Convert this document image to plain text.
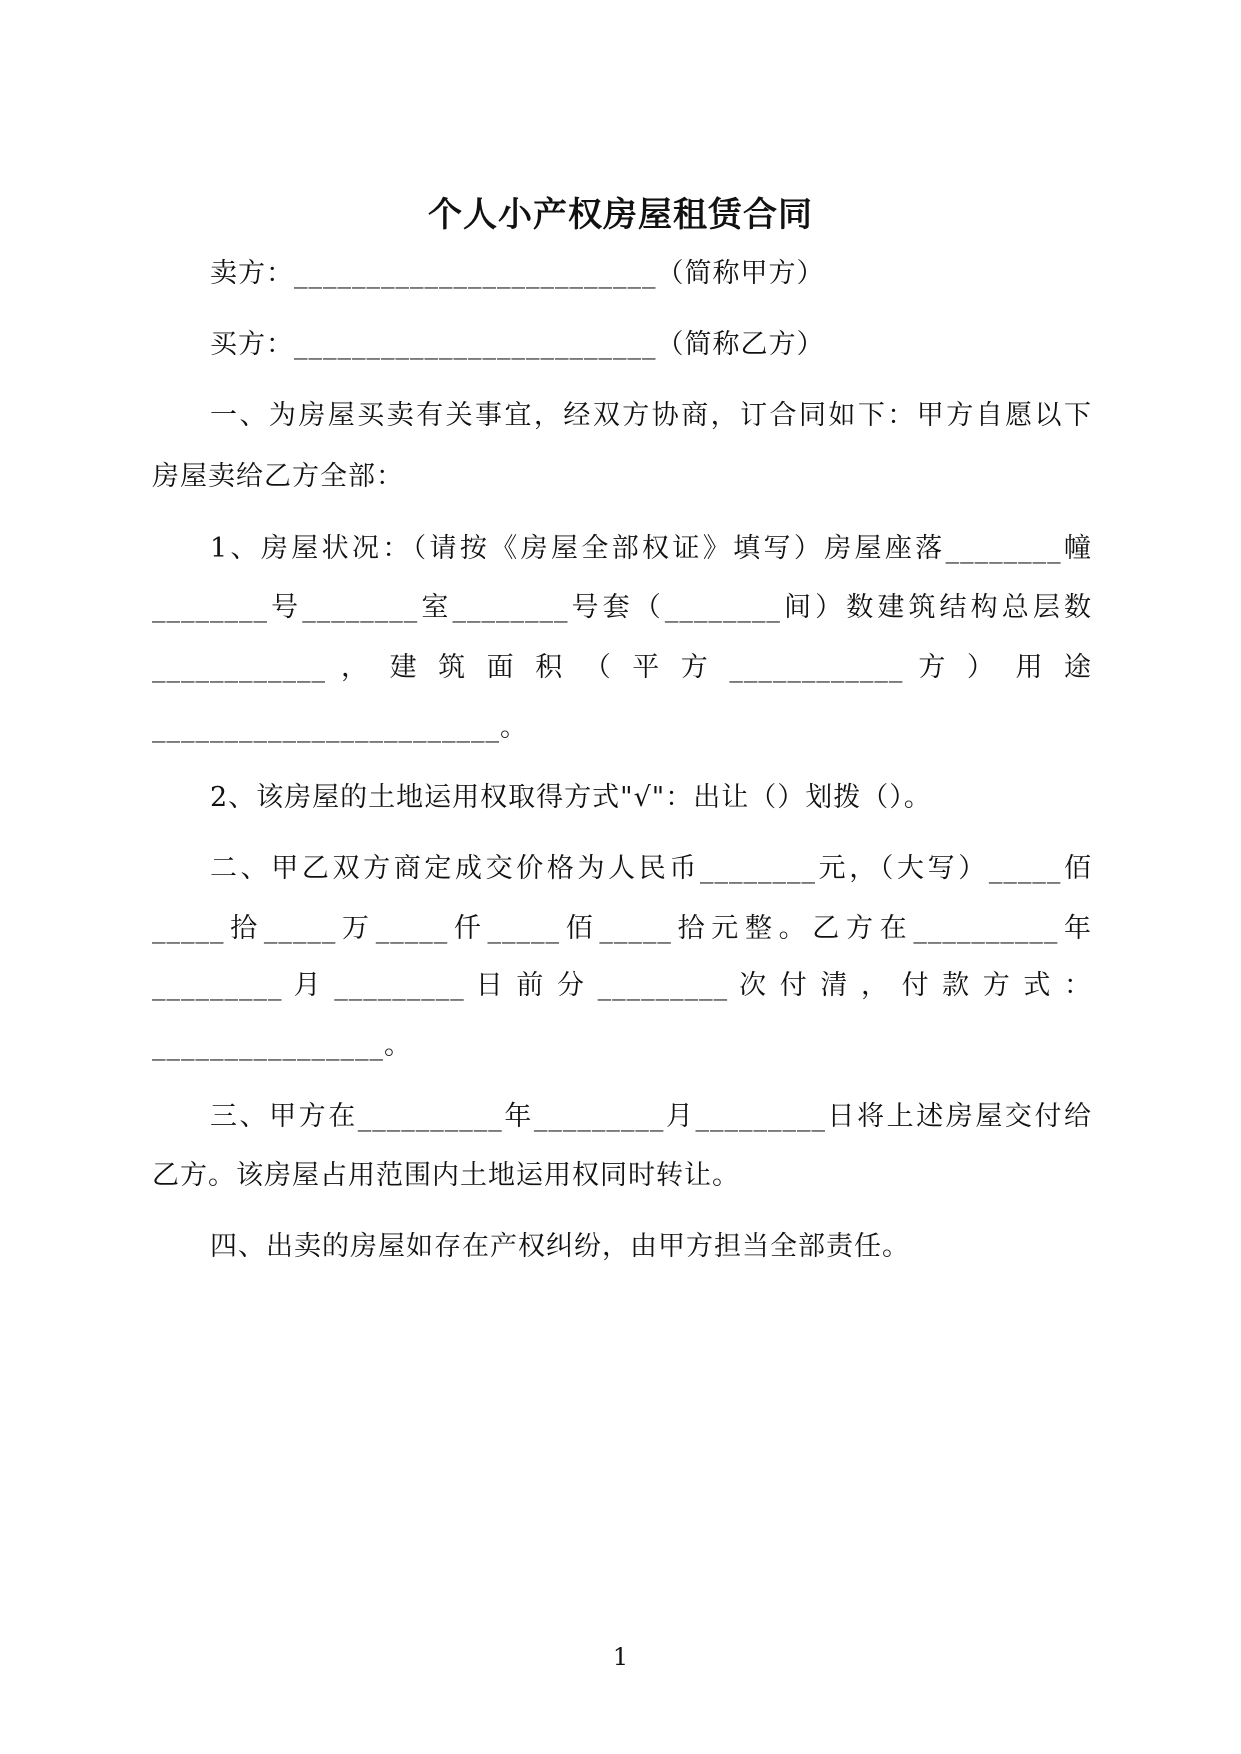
个人小产权房屋租赁合同
卖方：_________________________（简称甲方）
买方：_________________________（简称乙方）
一、为房屋买卖有关事宜，经双方协商，订合同如下：甲方自愿以下
房屋卖给乙方全部：
1、房屋状况：（请按《房屋全部权证》填写）房屋座落________幢
________号________室________号套（________间）数建筑结构总层数
____________ ， 建 筑 面 积 （ 平 方 ____________ 方 ） 用 途
________________________。
2、该房屋的土地运用权取得方式"√"：出让（）划拨（）。
二、甲乙双方商定成交价格为人民币________元，（大写）_____佰
_____拾_____万_____仟_____佰_____拾元整。乙方在__________年
_________ 月 _________ 日 前 分 _________ 次 付 清 ， 付 款 方 式 ：
________________。
三、甲方在__________年_________月_________日将上述房屋交付给
乙方。该房屋占用范围内土地运用权同时转让。
四、出卖的房屋如存在产权纠纷，由甲方担当全部责任。
1
